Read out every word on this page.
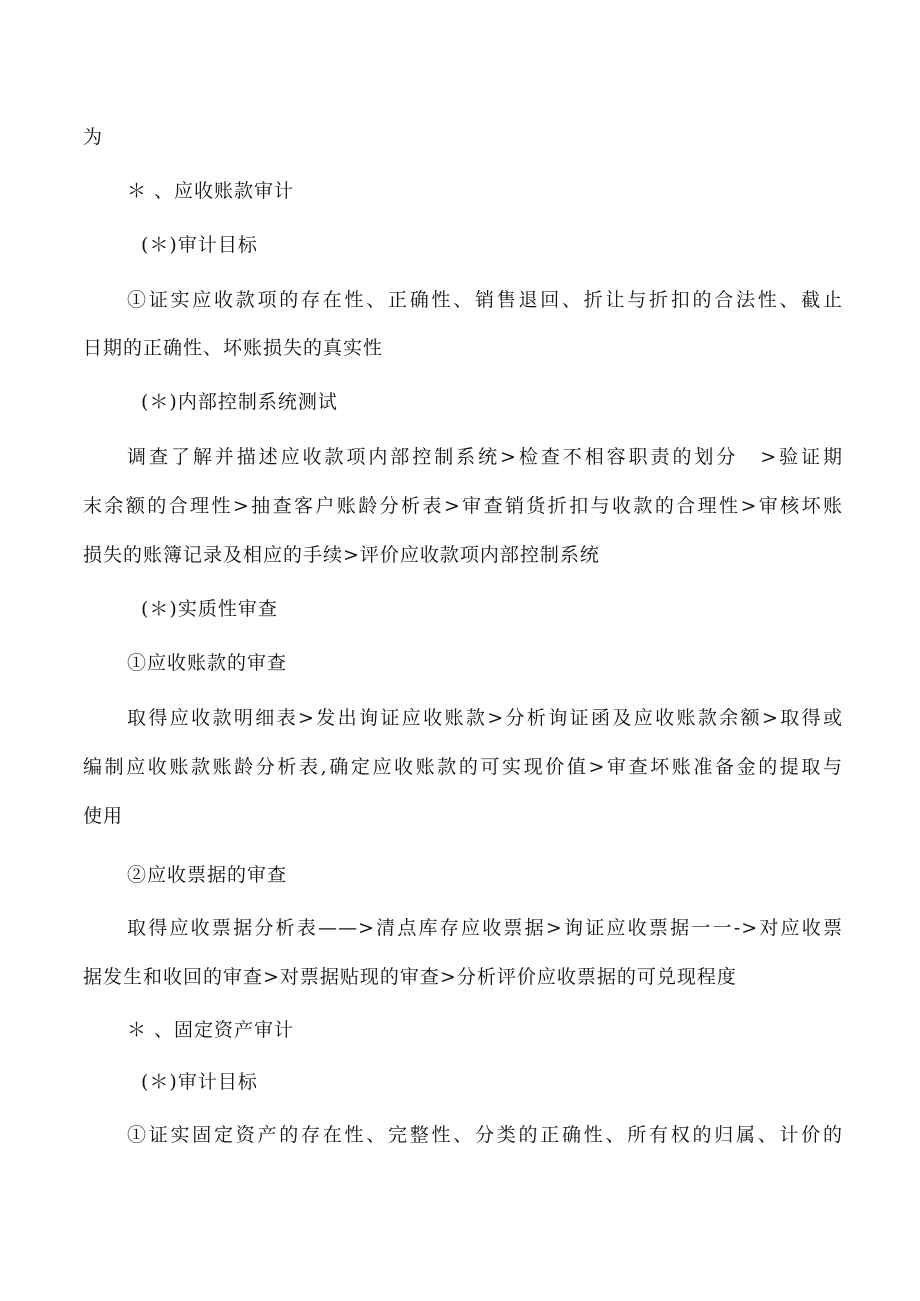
为
＊ 、应收账款审计
(＊)审计目标
①证实应收款项的存在性、正确性、销售退回、折让与折扣的合法性、截止
日期的正确性、坏账损失的真实性
(＊)内部控制系统测试
调查了解并描述应收款项内部控制系统>检查不相容职责的划分　>验证期
末余额的合理性>抽查客户账龄分析表>审查销货折扣与收款的合理性>审核坏账
损失的账簿记录及相应的手续>评价应收款项内部控制系统
(＊)实质性审查
①应收账款的审查
取得应收款明细表>发出询证应收账款>分析询证函及应收账款余额>取得或
编制应收账款账龄分析表,确定应收账款的可实现价值>审查坏账准备金的提取与
使用
②应收票据的审查
取得应收票据分析表——>清点库存应收票据>询证应收票据一一->对应收票
据发生和收回的审查>对票据贴现的审查>分析评价应收票据的可兑现程度
＊ 、固定资产审计
(＊)审计目标
①证实固定资产的存在性、完整性、分类的正确性、所有权的归属、计价的
